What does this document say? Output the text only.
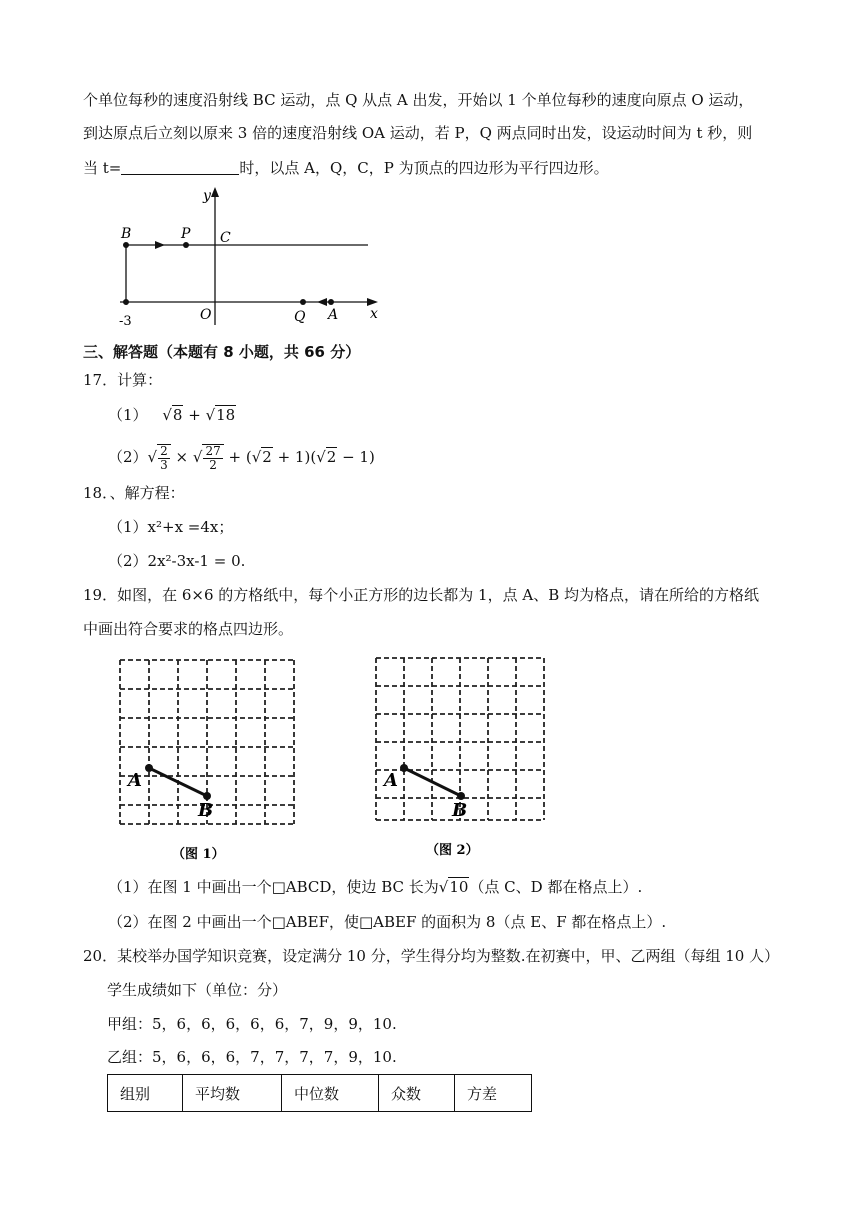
个单位每秒的速度沿射线 BC 运动，点 Q 从点 A 出发，开始以 1 个单位每秒的速度向原点 O 运动，
到达原点后立刻以原来 3 倍的速度沿射线 OA 运动，若 P，Q 两点同时出发，设运动时间为 t 秒，则
当 t=	时，以点 A，Q，C，P 为顶点的四边形为平行四边形。
y
x
B	P C
O	Q A
-3
三、解答题（本题有 8 小题，共 66 分）
17．计算：
（1） √8 + √18
$(2)√ \frac{2}{3}$ × √ $\frac{27}{2} + (√2 + 1)(√2 - 1)$
18．、解方程：
（1）x²+x =4x；
（2）2x²-3x-1 = 0.
19．如图，在 6×6 的方格纸中，每个小正方形的边长都为 1，点 A、B 均为格点，请在所给的方格纸
中画出符合要求的格点四边形。
A
B
（图 1）
A
B
（图 2）
（1）在图 1 中画出一个□ABCD，使边 BC 长为√10（点 C、D 都在格点上）.
（2）在图 2 中画出一个□ABEF，使□ABEF 的面积为 8（点 E、F 都在格点上）.
20．某校举办国学知识竞赛，设定满分 10 分，学生得分均为整数.在初赛中，甲、乙两组（每组 10 人）
学生成绩如下（单位：分）
甲组：5，6，6，6，6，6，7，9，9，10.
乙组：5，6，6，6，7，7，7，7，9，10.
组别	平均数	中位数	众数	方差
